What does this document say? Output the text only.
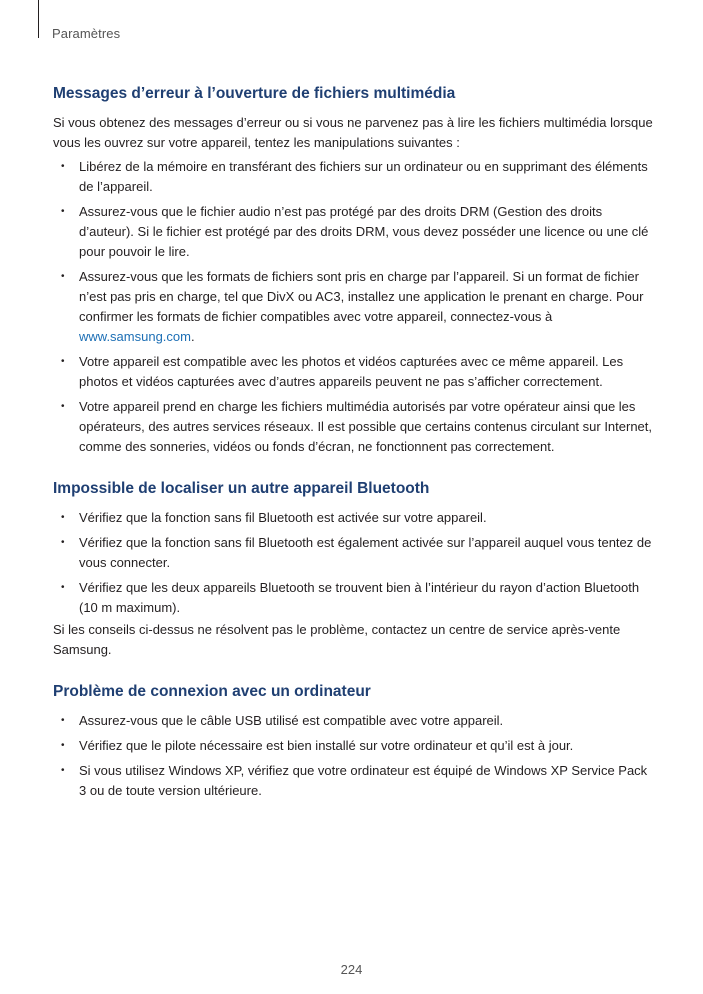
Paramètres
Messages d’erreur à l’ouverture de fichiers multimédia

Si vous obtenez des messages d’erreur ou si vous ne parvenez pas à lire les fichiers multimédia lorsque vous les ouvrez sur votre appareil, tentez les manipulations suivantes :

• Libérez de la mémoire en transférant des fichiers sur un ordinateur ou en supprimant des éléments de l’appareil.
• Assurez-vous que le fichier audio n’est pas protégé par des droits DRM (Gestion des droits d’auteur). Si le fichier est protégé par des droits DRM, vous devez posséder une licence ou une clé pour pouvoir le lire.
• Assurez-vous que les formats de fichiers sont pris en charge par l’appareil. Si un format de fichier n’est pas pris en charge, tel que DivX ou AC3, installez une application le prenant en charge. Pour confirmer les formats de fichier compatibles avec votre appareil, connectez-vous à www.samsung.com.
• Votre appareil est compatible avec les photos et vidéos capturées avec ce même appareil. Les photos et vidéos capturées avec d’autres appareils peuvent ne pas s’afficher correctement.
• Votre appareil prend en charge les fichiers multimédia autorisés par votre opérateur ainsi que les opérateurs, des autres services réseaux. Il est possible que certains contenus circulant sur Internet, comme des sonneries, vidéos ou fonds d’écran, ne fonctionnent pas correctement.
Impossible de localiser un autre appareil Bluetooth
• Vérifiez que la fonction sans fil Bluetooth est activée sur votre appareil.
• Vérifiez que la fonction sans fil Bluetooth est également activée sur l’appareil auquel vous tentez de vous connecter.
• Vérifiez que les deux appareils Bluetooth se trouvent bien à l’intérieur du rayon d’action Bluetooth (10 m maximum).

Si les conseils ci-dessus ne résolvent pas le problème, contactez un centre de service après-vente Samsung.

Problème de connexion avec un ordinateur
• Assurez-vous que le câble USB utilisé est compatible avec votre appareil.
• Vérifiez que le pilote nécessaire est bien installé sur votre ordinateur et qu’il est à jour.
• Si vous utilisez Windows XP, vérifiez que votre ordinateur est équipé de Windows XP Service Pack 3 ou de toute version ultérieure.
224
